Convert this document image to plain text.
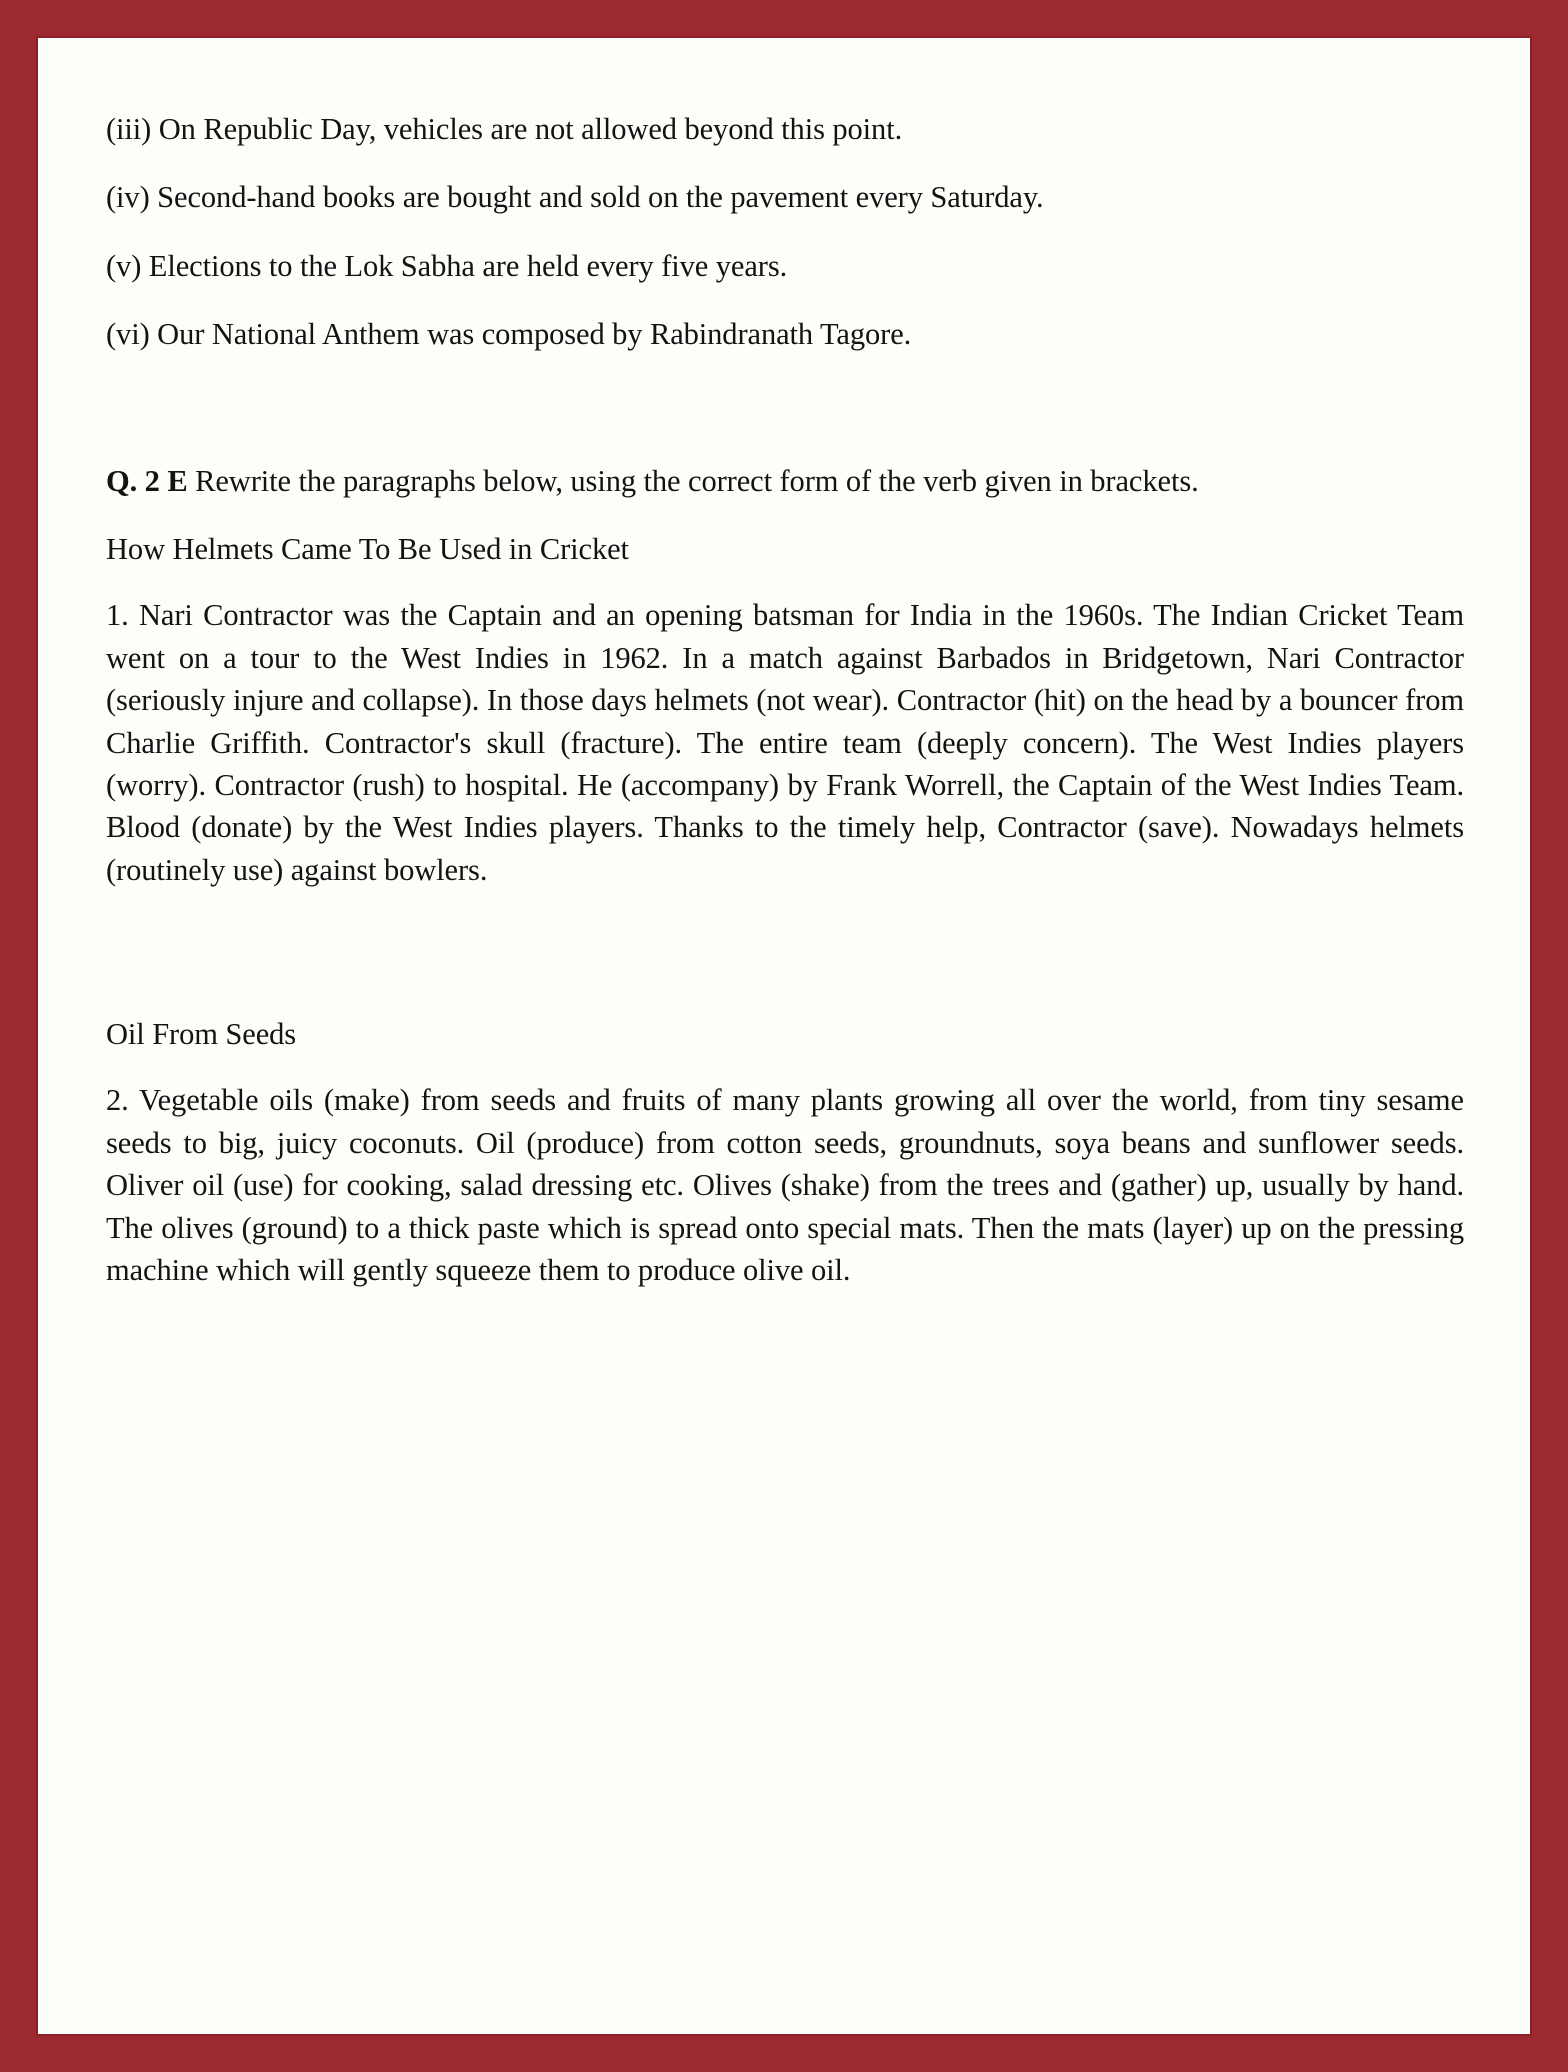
(iii) On Republic Day, vehicles are not allowed beyond this point.

(iv) Second-hand books are bought and sold on the pavement every Saturday.

(v) Elections to the Lok Sabha are held every five years.

(vi) Our National Anthem was composed by Rabindranath Tagore.

Q. 2 E Rewrite the paragraphs below, using the correct form of the verb given in brackets.

How Helmets Came To Be Used in Cricket

1. Nari Contractor was the Captain and an opening batsman for India in the 1960s. The Indian Cricket Team went on a tour to the West Indies in 1962. In a match against Barbados in Bridgetown, Nari Contractor (seriously injure and collapse). In those days helmets (not wear). Contractor (hit) on the head by a bouncer from Charlie Griffith. Contractor's skull (fracture). The entire team (deeply concern). The West Indies players (worry). Contractor (rush) to hospital. He (accompany) by Frank Worrell, the Captain of the West Indies Team. Blood (donate) by the West Indies players. Thanks to the timely help, Contractor (save). Nowadays helmets (routinely use) against bowlers.

Oil From Seeds

2. Vegetable oils (make) from seeds and fruits of many plants growing all over the world, from tiny sesame seeds to big, juicy coconuts. Oil (produce) from cotton seeds, groundnuts, soya beans and sunflower seeds. Oliver oil (use) for cooking, salad dressing etc. Olives (shake) from the trees and (gather) up, usually by hand. The olives (ground) to a thick paste which is spread onto special mats. Then the mats (layer) up on the pressing machine which will gently squeeze them to produce olive oil.
